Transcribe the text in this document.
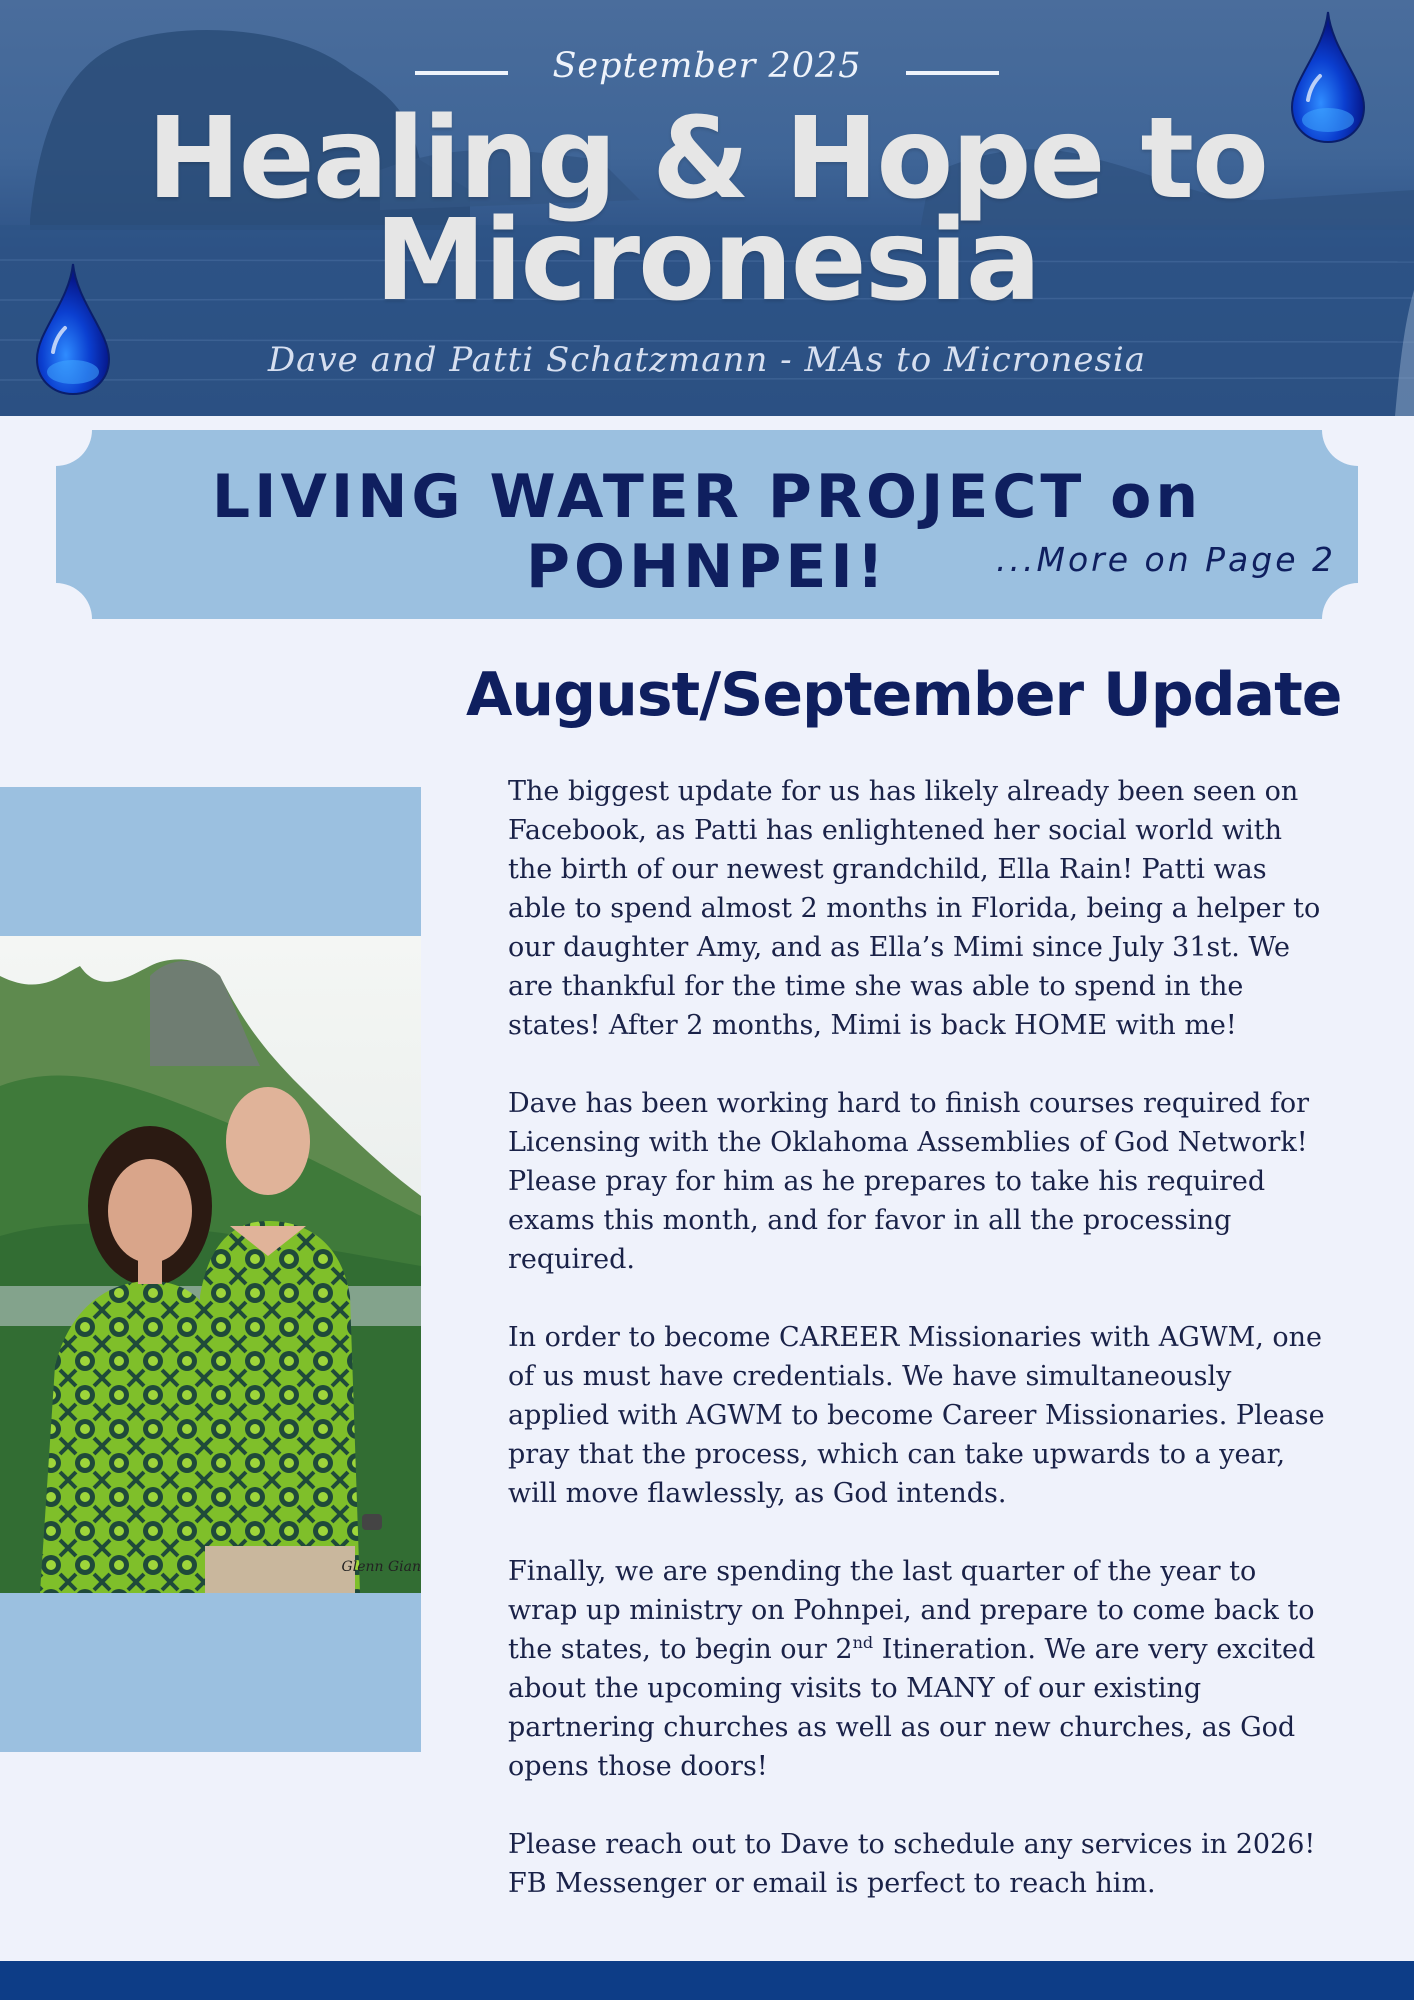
September 2025
Healing & Hope to
Micronesia
Dave and Patti Schatzmann - MAs to Micronesia
LIVING WATER PROJECT on POHNPEI!	...More on Page 2
August/September Update
Glenn Gian

The biggest update for us has likely already been seen on Facebook, as Patti has enlightened her social world with the birth of our newest grandchild, Ella Rain! Patti was able to spend almost 2 months in Florida, being a helper to our daughter Amy, and as Ella’s Mimi since July 31st. We are thankful for the time she was able to spend in the states! After 2 months, Mimi is back HOME with me!

Dave has been working hard to finish courses required for Licensing with the Oklahoma Assemblies of God Network! Please pray for him as he prepares to take his required exams this month, and for favor in all the processing required.

In order to become CAREER Missionaries with AGWM, one of us must have credentials. We have simultaneously applied with AGWM to become Career Missionaries. Please pray that the process, which can take upwards to a year, will move flawlessly, as God intends.

Finally, we are spending the last quarter of the year to wrap up ministry on Pohnpei, and prepare to come back to the states, to begin our 2nd Itineration. We are very excited about the upcoming visits to MANY of our existing partnering churches as well as our new churches, as God opens those doors!

Please reach out to Dave to schedule any services in 2026! FB Messenger or email is perfect to reach him.
